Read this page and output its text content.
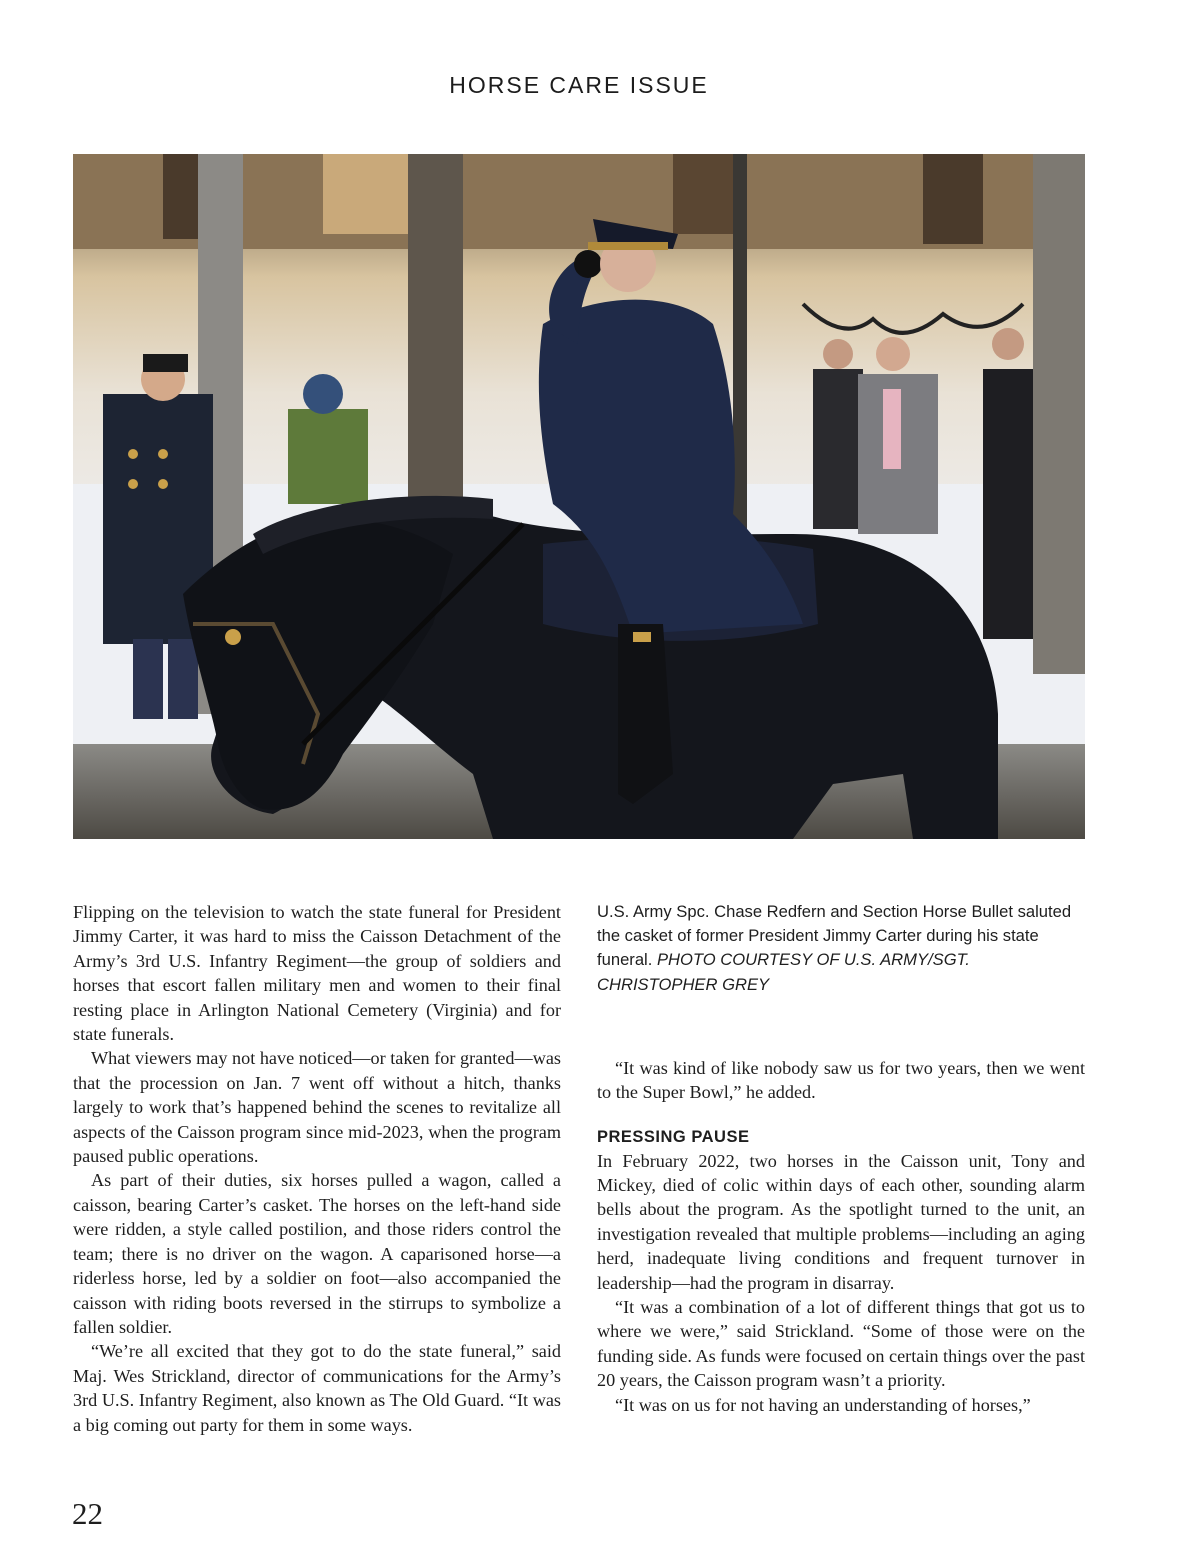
HORSE CARE ISSUE

Flipping on the television to watch the state funeral for President Jimmy Carter, it was hard to miss the Caisson Detachment of the Army’s 3rd U.S. Infantry Regiment—the group of soldiers and horses that escort fallen military men and women to their final resting place in Arlington National Cemetery (Virginia) and for state funerals.

What viewers may not have noticed—or taken for granted—was that the procession on Jan. 7 went off without a hitch, thanks largely to work that’s happened behind the scenes to revitalize all aspects of the Caisson program since mid-2023, when the program paused public operations.

As part of their duties, six horses pulled a wagon, called a caisson, bearing Carter’s casket. The horses on the left-hand side were ridden, a style called postilion, and those riders control the team; there is no driver on the wagon. A caparisoned horse—a riderless horse, led by a soldier on foot—also accompanied the caisson with riding boots reversed in the stirrups to symbolize a fallen soldier.

“We’re all excited that they got to do the state funeral,” said Maj. Wes Strickland, director of communications for the Army’s 3rd U.S. Infantry Regiment, also known as The Old Guard. “It was a big coming out party for them in some ways.

U.S. Army Spc. Chase Redfern and Section Horse Bullet saluted the casket of former President Jimmy Carter during his state funeral. PHOTO COURTESY OF U.S. ARMY/SGT. CHRISTOPHER GREY

“It was kind of like nobody saw us for two years, then we went to the Super Bowl,” he added.

PRESSING PAUSE

In February 2022, two horses in the Caisson unit, Tony and Mickey, died of colic within days of each other, sounding alarm bells about the program. As the spotlight turned to the unit, an investigation revealed that multiple problems—including an aging herd, inadequate living conditions and frequent turnover in leadership—had the program in disarray.

“It was a combination of a lot of different things that got us to where we were,” said Strickland. “Some of those were on the funding side. As funds were focused on certain things over the past 20 years, the Caisson program wasn’t a priority.

“It was on us for not having an understanding of horses,”

22
